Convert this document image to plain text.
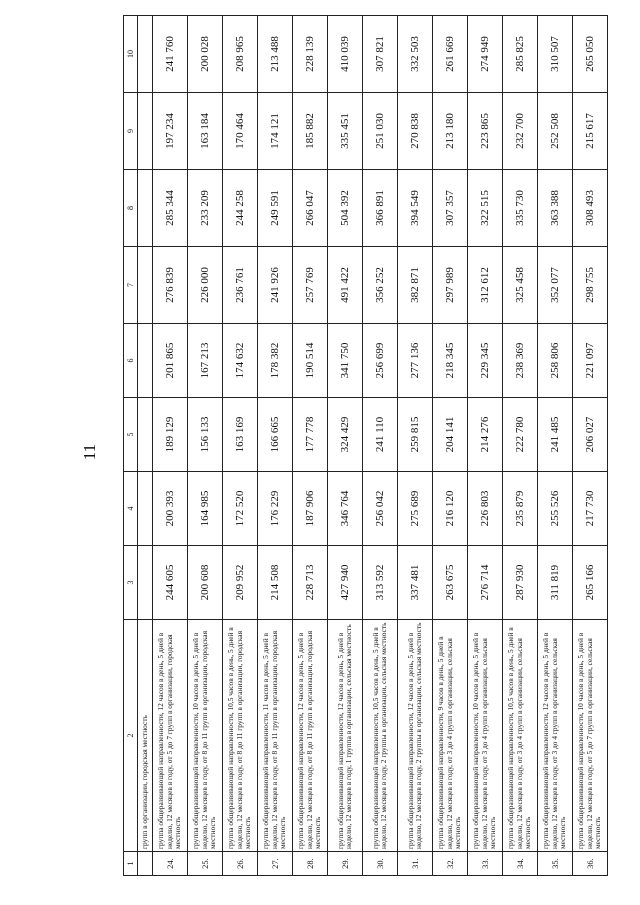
11
1	2	3	4	5	6	7	8	9	10
	групп в организации, городская местность								
24.	группа общеразвивающей направленности, 12 часов в день, 5 дней в неделю, 12 месяцев в году, от 5 до 7 групп в организации, городская местность	244 605	200 393	189 129	201 865	276 839	285 344	197 234	241 760
25.	группа общеразвивающей направленности, 10 часов в день, 5 дней в неделю, 12 месяцев в году, от 8 до 11 групп в организации, городская местность	200 608	164 985	156 133	167 213	226 000	233 209	163 184	200 028
26.	группа общеразвивающей направленности, 10,5 часов в день, 5 дней в неделю, 12 месяцев в году, от 8 до 11 групп в организации, городская местность	209 952	172 520	163 169	174 632	236 761	244 258	170 464	208 965
27.	группа общеразвивающей направленности, 11 часов в день, 5 дней в неделю, 12 месяцев в году, от 8 до 11 групп в организации, городская местность	214 508	176 229	166 665	178 382	241 926	249 591	174 121	213 488
28.	группа общеразвивающей направленности, 12 часов в день, 5 дней в неделю, 12 месяцев в году, от 8 до 11 групп в организации, городская местность	228 713	187 906	177 778	190 514	257 769	266 047	185 882	228 139
29.	группа общеразвивающей направленности, 12 часов в день, 5 дней в неделю, 12 месяцев в году, 1 группа в организации, сельская местность	427 940	346 764	324 429	341 750	491 422	504 392	335 451	410 039
30.	группа общеразвивающей направленности, 10,5 часов в день, 5 дней в неделю, 12 месяцев в году, 2 группы в организации, сельская местность	313 592	256 042	241 110	256 699	356 252	366 891	251 030	307 821
31.	группа общеразвивающей направленности, 12 часов в день, 5 дней в неделю, 12 месяцев в году, 2 группы в организации, сельская местность	337 481	275 689	259 815	277 136	382 871	394 549	270 838	332 503
32.	группа общеразвивающей направленности, 9 часов в день, 5 дней в неделю, 12 месяцев в году, от 3 до 4 групп в организации, сельская местность	263 675	216 120	204 141	218 345	297 989	307 357	213 180	261 669
33.	группа общеразвивающей направленности, 10 часов в день, 5 дней в неделю, 12 месяцев в году, от 3 до 4 групп в организации, сельская местность	276 714	226 803	214 276	229 345	312 612	322 515	223 865	274 949
34.	группа общеразвивающей направленности, 10,5 часов в день, 5 дней в неделю, 12 месяцев в году, от 3 до 4 групп в организации, сельская местность	287 930	235 879	222 780	238 369	325 458	335 730	232 700	285 825
35.	группа общеразвивающей направленности, 12 часов в день, 5 дней в неделю, 12 месяцев в году, от 3 до 4 групп в организации, сельская местность	311 819	255 526	241 485	258 806	352 077	363 388	252 508	310 507
36.	группа общеразвивающей направленности, 10 часов в день, 5 дней в неделю, 12 месяцев в году, от 5 до 7 групп в организации, сельская местность	265 166	217 730	206 027	221 097	298 755	308 493	215 617	265 050
